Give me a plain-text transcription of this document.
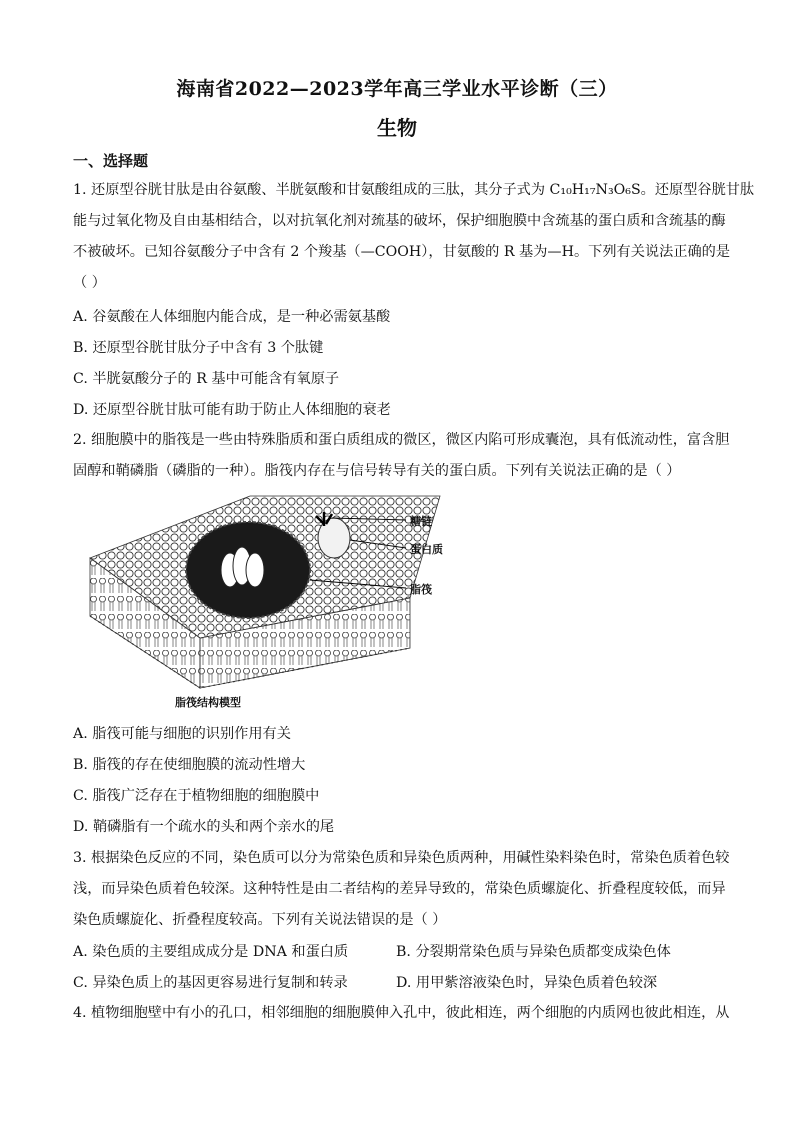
海南省2022—2023学年高三学业水平诊断（三）
生物
一、选择题
1. 还原型谷胱甘肽是由谷氨酸、半胱氨酸和甘氨酸组成的三肽，其分子式为 C₁₀H₁₇N₃O₆S。还原型谷胱甘肽
能与过氧化物及自由基相结合，以对抗氧化剂对巯基的破坏，保护细胞膜中含巯基的蛋白质和含巯基的酶
不被破坏。已知谷氨酸分子中含有 2 个羧基（—COOH），甘氨酸的 R 基为—H。下列有关说法正确的是
（ ）
A. 谷氨酸在人体细胞内能合成，是一种必需氨基酸
B. 还原型谷胱甘肽分子中含有 3 个肽键
C. 半胱氨酸分子的 R 基中可能含有氧原子
D. 还原型谷胱甘肽可能有助于防止人体细胞的衰老
2. 细胞膜中的脂筏是一些由特殊脂质和蛋白质组成的微区，微区内陷可形成囊泡，具有低流动性，富含胆
固醇和鞘磷脂（磷脂的一种）。脂筏内存在与信号转导有关的蛋白质。下列有关说法正确的是（ ）
糖链
蛋白质
脂筏
脂筏结构模型
A. 脂筏可能与细胞的识别作用有关
B. 脂筏的存在使细胞膜的流动性增大
C. 脂筏广泛存在于植物细胞的细胞膜中
D. 鞘磷脂有一个疏水的头和两个亲水的尾
3. 根据染色反应的不同，染色质可以分为常染色质和异染色质两种，用碱性染料染色时，常染色质着色较
浅，而异染色质着色较深。这种特性是由二者结构的差异导致的，常染色质螺旋化、折叠程度较低，而异
染色质螺旋化、折叠程度较高。下列有关说法错误的是（ ）
A. 染色质的主要组成成分是 DNA 和蛋白质	B. 分裂期常染色质与异染色质都变成染色体
C. 异染色质上的基因更容易进行复制和转录	D. 用甲紫溶液染色时，异染色质着色较深
4. 植物细胞壁中有小的孔口，相邻细胞的细胞膜伸入孔中，彼此相连，两个细胞的内质网也彼此相连，从
